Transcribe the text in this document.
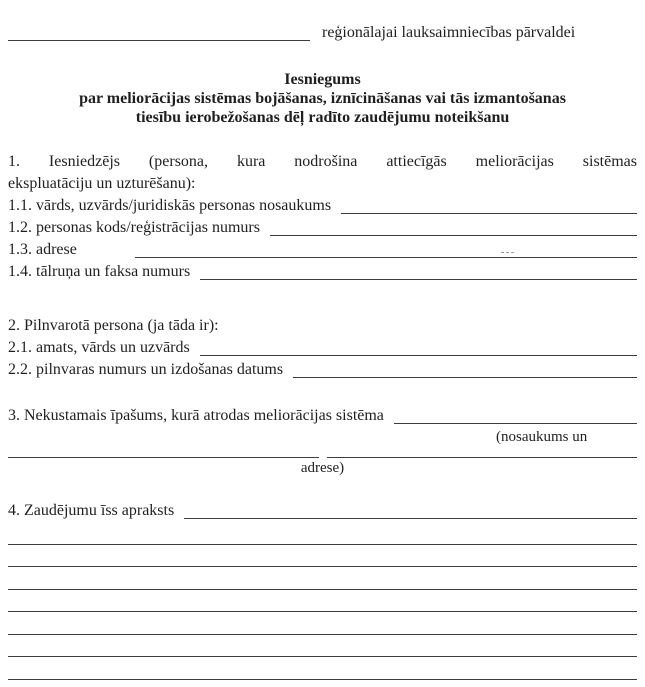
reģionālajai lauksaimniecības pārvaldei
Iesniegums
par meliorācijas sistēmas bojāšanas, iznīcināšanas vai tās izmantošanas
tiesību ierobežošanas dēļ radīto zaudējumu noteikšanu
1. Iesniedzējs (persona, kura nodrošina attiecīgās meliorācijas sistēmas
ekspluatāciju un uzturēšanu):
1.1. vārds, uzvārds/juridiskās personas nosaukums
1.2. personas kods/reģistrācijas numurs
1.3. adrese
1.4. tālruņa un faksa numurs
2. Pilnvarotā persona (ja tāda ir):
2.1. amats, vārds un uzvārds
2.2. pilnvaras numurs un izdošanas datums
3. Nekustamais īpašums, kurā atrodas meliorācijas sistēma
(nosaukums un
adrese)
4. Zaudējumu īss apraksts
